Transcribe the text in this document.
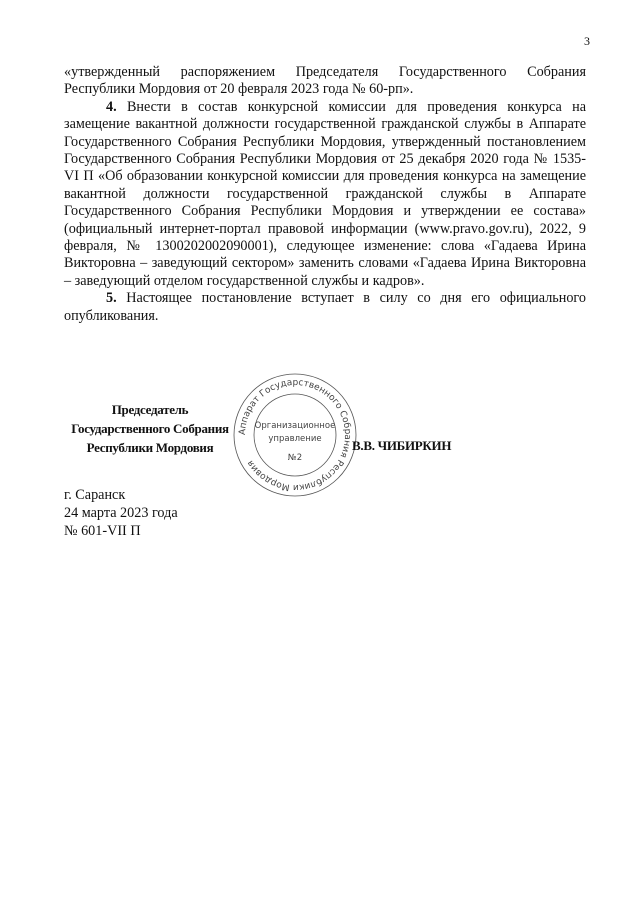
3

«утвержденный распоряжением Председателя Государственного Собрания Республики Мордовия от 20 февраля 2023 года № 60-рп».

4. Внести в состав конкурсной комиссии для проведения конкурса на замещение вакантной должности государственной гражданской службы в Аппарате Государственного Собрания Республики Мордовия, утвержденный постановлением Государственного Собрания Республики Мордовия от 25 декабря 2020 года № 1535-VI П «Об образовании конкурсной комиссии для проведения конкурса на замещение вакантной должности государственной гражданской службы в Аппарате Государственного Собрания Республики Мордовия и утверждении ее состава» (официальный интернет-портал правовой информации (www.pravo.gov.ru), 2022, 9 февраля, № 1300202002090001), следующее изменение: слова «Гадаева Ирина Викторовна – заведующий сектором» заменить словами «Гадаева Ирина Викторовна – заведующий отделом государственной службы и кадров».

5. Настоящее постановление вступает в силу со дня его официального опубликования.

Председатель
Государственного Собрания
Республики Мордовия
Аппарат Государственного Собрания Республики Мордовия
Организационное
управление
№2
В.В. ЧИБИРКИН
г. Саранск
24 марта 2023 года
№ 601-VII П
